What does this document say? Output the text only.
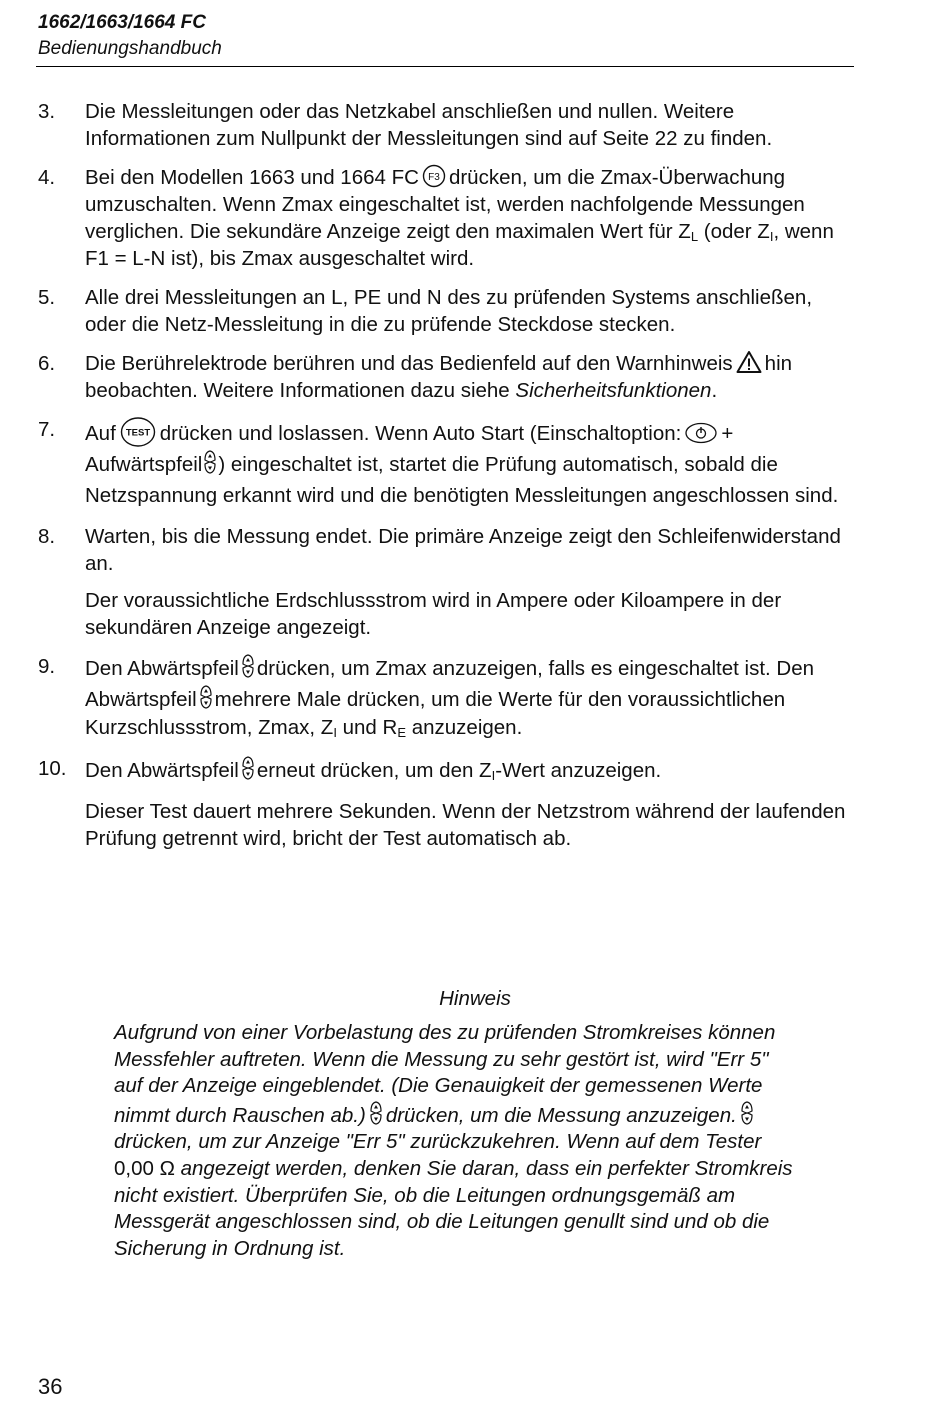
1662/1663/1664 FC
Bedienungshandbuch
3.	Die Messleitungen oder das Netzkabel anschließen und nullen. Weitere Informationen zum Nullpunkt der Messleitungen sind auf Seite 22 zu finden.

4.	Bei den Modellen 1663 und 1664 FC F3 drücken, um die Zmax-Überwachung umzuschalten. Wenn Zmax eingeschaltet ist, werden nachfolgende Messungen verglichen. Die sekundäre Anzeige zeigt den maximalen Wert für $Z_L$ (oder $Z_I$, wenn F1 = L-N ist), bis Zmax ausgeschaltet wird.

5.	Alle drei Messleitungen an L, PE und N des zu prüfenden Systems anschließen, oder die Netz-Messleitung in die zu prüfende Steckdose stecken.

6.	Die Berührelektrode berühren und das Bedienfeld auf den Warnhinweis hin beobachten. Weitere Informationen dazu siehe Sicherheitsfunktionen.

7.	Auf TEST drücken und loslassen. Wenn Auto Start (Einschaltoption: + Aufwärtspfeil ) eingeschaltet ist, startet die Prüfung automatisch, sobald die Netzspannung erkannt wird und die benötigten Messleitungen angeschlossen sind.

8.	Warten, bis die Messung endet. Die primäre Anzeige zeigt den Schleifenwiderstand an.

Der voraussichtliche Erdschlussstrom wird in Ampere oder Kiloampere in der sekundären Anzeige angezeigt.

9.	Den Abwärtspfeil drücken, um Zmax anzuzeigen, falls es eingeschaltet ist. Den Abwärtspfeil mehrere Male drücken, um die Werte für den voraussichtlichen Kurzschlussstrom, Zmax, $Z_I$ und $R_E$ anzuzeigen.

10. Den Abwärtspfeil erneut drücken, um den $Z_I$-Wert anzuzeigen.

Dieser Test dauert mehrere Sekunden. Wenn der Netzstrom während der laufenden Prüfung getrennt wird, bricht der Test automatisch ab.

Hinweis
Aufgrund von einer Vorbelastung des zu prüfenden Stromkreises können Messfehler auftreten. Wenn die Messung zu sehr gestört ist, wird "Err 5" auf der Anzeige eingeblendet. (Die Genauigkeit der gemessenen Werte nimmt durch Rauschen ab.) drücken, um die Messung anzuzeigen.
drücken, um zur Anzeige "Err 5" zurückzukehren. Wenn auf dem Tester 0,00 Ω angezeigt werden, denken Sie daran, dass ein perfekter Stromkreis nicht existiert. Überprüfen Sie, ob die Leitungen ordnungsgemäß am Messgerät angeschlossen sind, ob die Leitungen genullt sind und ob die Sicherung in Ordnung ist.
36
